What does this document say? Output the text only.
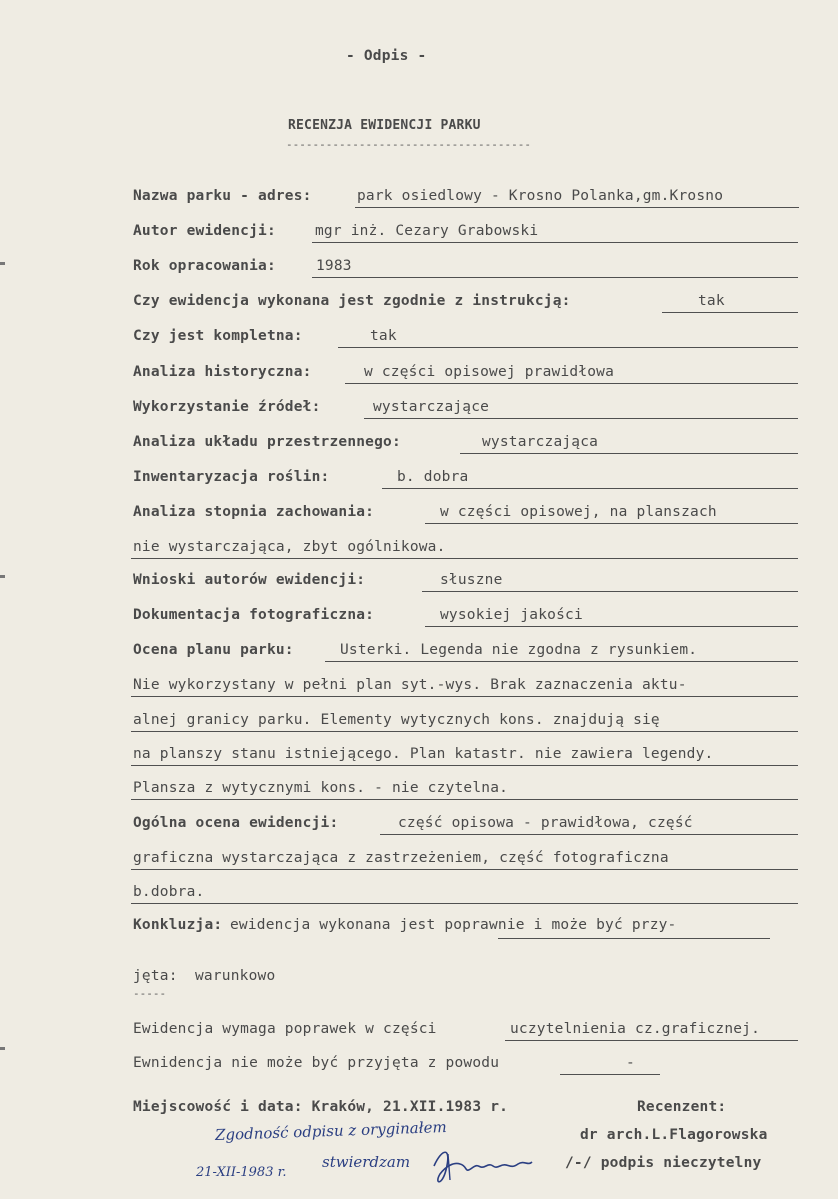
- Odpis -
RECENZJA EWIDENCJI PARKU
-------------------------------------
Nazwa parku - adres:	park osiedlowy - Krosno Polanka,gm.Krosno
Autor ewidencji:	mgr inż. Cezary Grabowski
Rok opracowania:	1983
Czy ewidencja wykonana jest zgodnie z instrukcją:	tak
Czy jest kompletna:	tak
Analiza historyczna:	w części opisowej prawidłowa
Wykorzystanie źródeł:	wystarczające
Analiza układu przestrzennego:	wystarczająca
Inwentaryzacja roślin:	b. dobra
Analiza stopnia zachowania:	w części opisowej, na planszach
nie wystarczająca, zbyt ogólnikowa.
Wnioski autorów ewidencji:	słuszne
Dokumentacja fotograficzna:	wysokiej jakości
Ocena planu parku:	Usterki. Legenda nie zgodna z rysunkiem.
Nie wykorzystany w pełni plan syt.-wys. Brak zaznaczenia aktu-
alnej granicy parku. Elementy wytycznych kons. znajdują się
na planszy stanu istniejącego. Plan katastr. nie zawiera legendy.
Plansza z wytycznymi kons. - nie czytelna.
Ogólna ocena ewidencji:	część opisowa - prawidłowa, część
graficzna wystarczająca z zastrzeżeniem, część fotograficzna
b.dobra.
Konkluzja: ewidencja wykonana jest poprawnie i może być przy-
jęta: warunkowo
-----
Ewidencja wymaga poprawek w części	uczytelnienia cz.graficznej.
Ewnidencja nie może być przyjęta z powodu	-
Miejscowość i data: Kraków, 21.XII.1983 r.	Recenzent:
dr arch.L.Flagorowska
/-/ podpis nieczytelny
Zgodność odpisu z oryginałem
stwierdzam
21-XII-1983 r.
